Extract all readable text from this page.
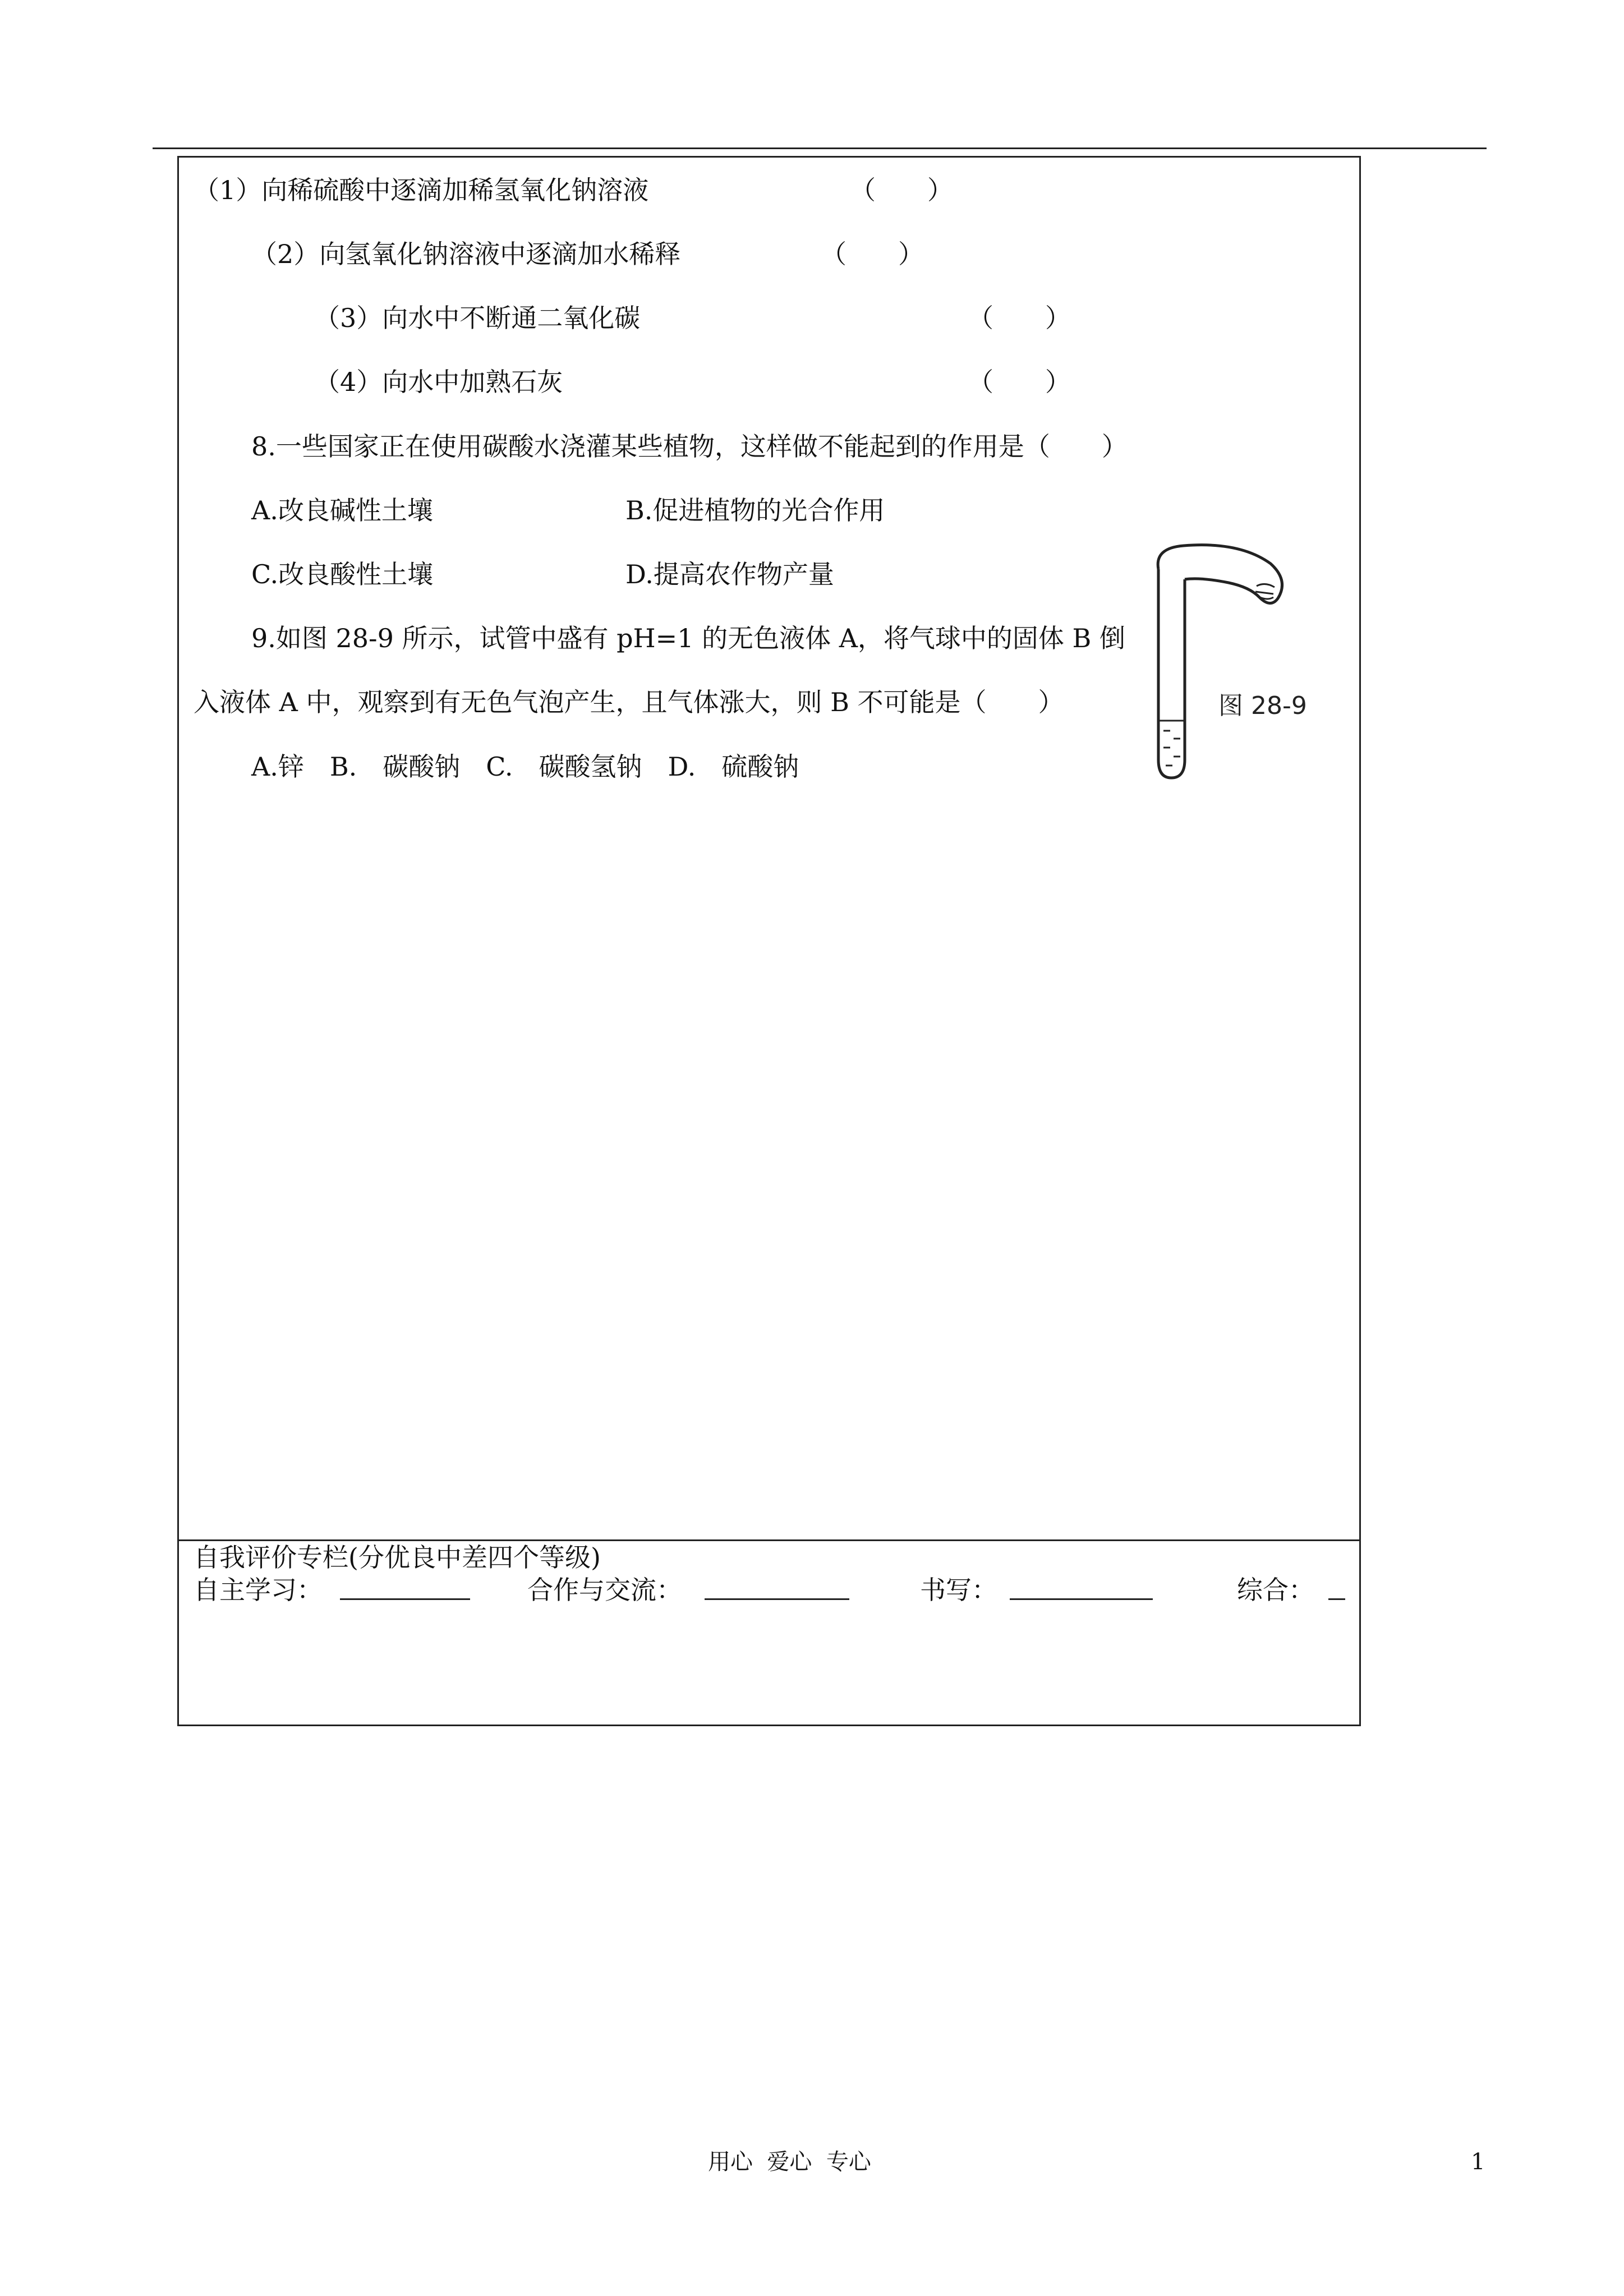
（1）向稀硫酸中逐滴加稀氢氧化钠溶液	（　　）
（2）向氢氧化钠溶液中逐滴加水稀释	（　　）
（3）向水中不断通二氧化碳	（　　）
（4）向水中加熟石灰	（　　）
8.一些国家正在使用碳酸水浇灌某些植物，这样做不能起到的作用是（　　）
A.改良碱性土壤	B.促进植物的光合作用
C.改良酸性土壤	D.提高农作物产量
9.如图 28-9 所示，试管中盛有 pH=1 的无色液体 A，将气球中的固体 B 倒
入液体 A 中，观察到有无色气泡产生，且气体涨大，则 B 不可能是（　　）
A.锌　B.　碳酸钠　C.　碳酸氢钠　D.　硫酸钠
图 28-9
自我评价专栏(分优良中差四个等级)
自主学习：	合作与交流：	书写：	综合：
用心  爱心  专心	1
